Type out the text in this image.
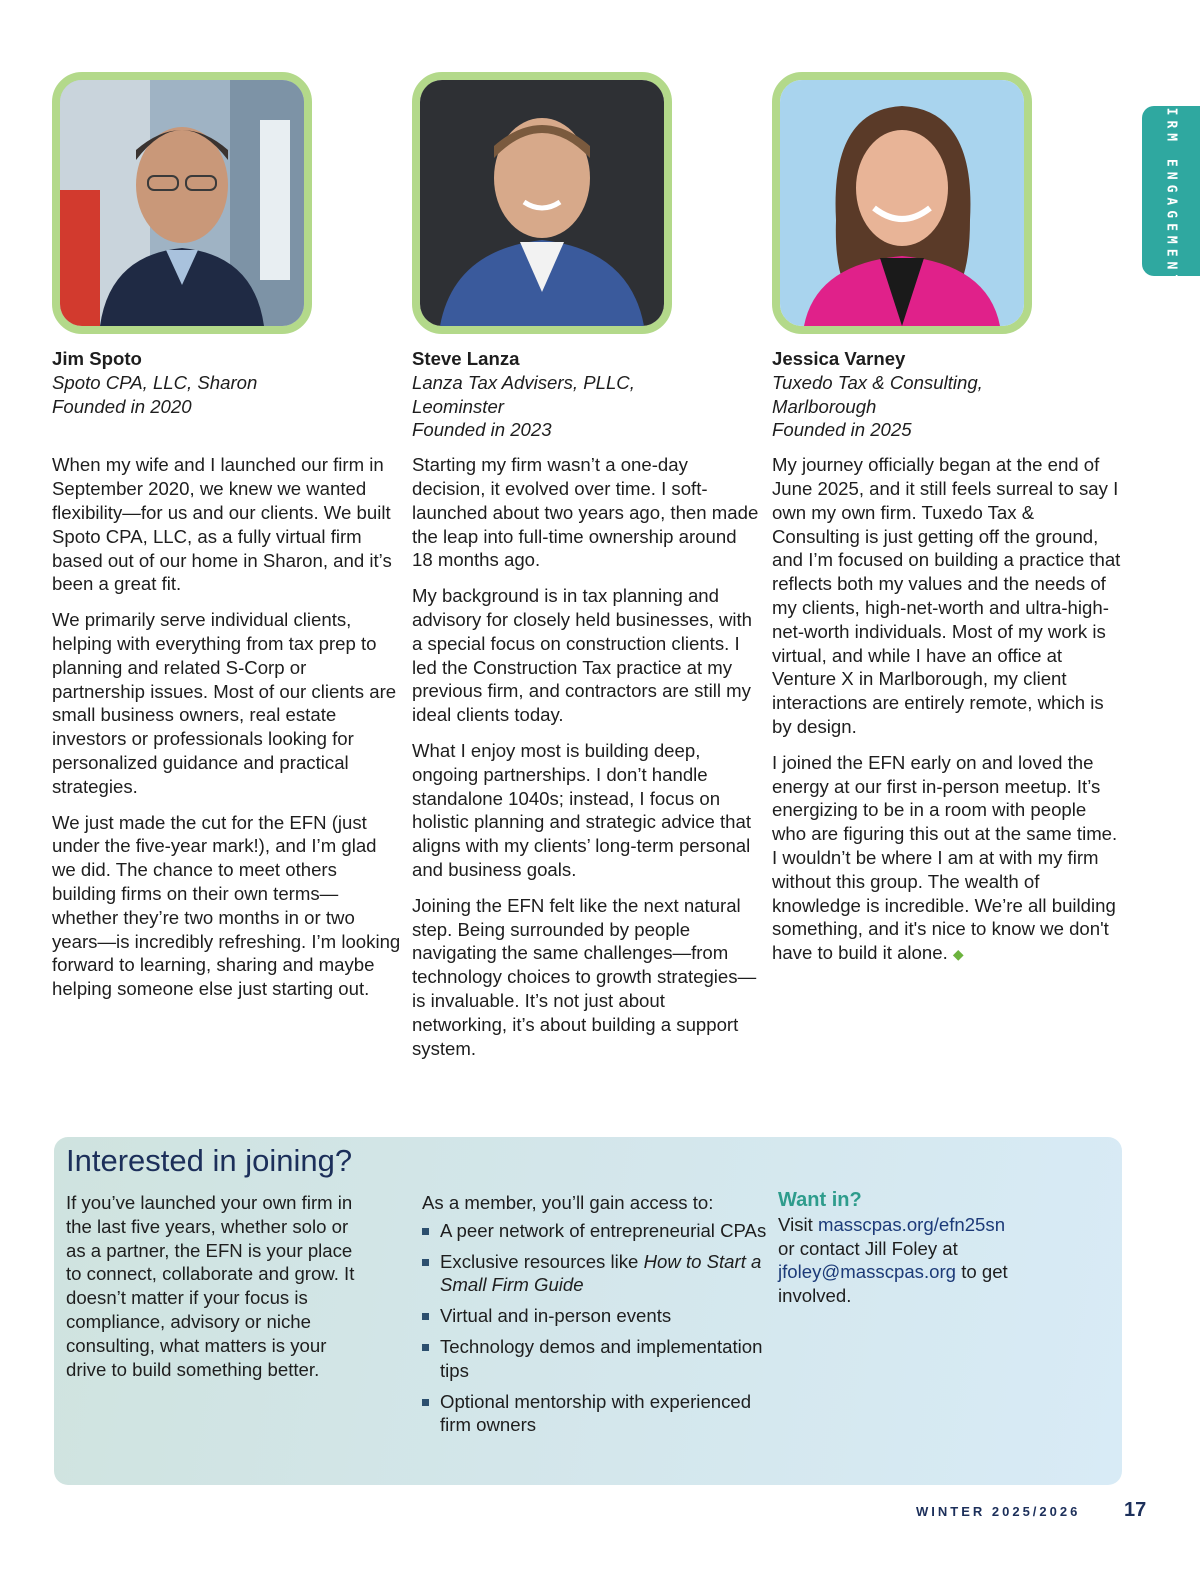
FIRM ENGAGEMENT

Jim Spoto

Spoto CPA, LLC, Sharon

Founded in 2020

When my wife and I launched our firm in September 2020, we knew we wanted flexibility—for us and our clients. We built Spoto CPA, LLC, as a fully virtual firm based out of our home in Sharon, and it’s been a great fit.

We primarily serve individual clients, helping with everything from tax prep to planning and related S-Corp or partnership issues. Most of our clients are small business owners, real estate investors or professionals looking for personalized guidance and practical strategies.

We just made the cut for the EFN (just under the five-year mark!), and I’m glad we did. The chance to meet others building firms on their own terms—whether they’re two months in or two years—is incredibly refreshing. I’m looking forward to learning, sharing and maybe helping someone else just starting out.

Steve Lanza

Lanza Tax Advisers, PLLC,

Leominster

Founded in 2023

Starting my firm wasn’t a one-day decision, it evolved over time. I soft-launched about two years ago, then made the leap into full-time ownership around 18 months ago.

My background is in tax planning and advisory for closely held businesses, with a special focus on construction clients. I led the Construction Tax practice at my previous firm, and contractors are still my ideal clients today.

What I enjoy most is building deep, ongoing partnerships. I don’t handle standalone 1040s; instead, I focus on holistic planning and strategic advice that aligns with my clients’ long-term personal and business goals.

Joining the EFN felt like the next natural step. Being surrounded by people navigating the same challenges—from technology choices to growth strategies—is invaluable. It’s not just about networking, it’s about building a support system.

Jessica Varney

Tuxedo Tax & Consulting,

Marlborough

Founded in 2025

My journey officially began at the end of June 2025, and it still feels surreal to say I own my own firm. Tuxedo Tax & Consulting is just getting off the ground, and I’m focused on building a practice that reflects both my values and the needs of my clients, high-net-worth and ultra-high-net-worth individuals. Most of my work is virtual, and while I have an office at Venture X in Marlborough, my client interactions are entirely remote, which is by design.

I joined the EFN early on and loved the energy at our first in-person meetup. It’s energizing to be in a room with people who are figuring this out at the same time. I wouldn’t be where I am at with my firm without this group. The wealth of knowledge is incredible. We’re all building something, and it's nice to know we don't have to build it alone. ◆

Interested in joining?

If you’ve launched your own firm in the last five years, whether solo or as a partner, the EFN is your place to connect, collaborate and grow. It doesn’t matter if your focus is compliance, advisory or niche consulting, what matters is your drive to build something better.

As a member, you’ll gain access to:

A peer network of entrepreneurial CPAs
Exclusive resources like How to Start a Small Firm Guide
Virtual and in-person events
Technology demos and implementation tips
Optional mentorship with experienced firm owners

Want in?

Visit masscpas.org/efn25sn

or contact Jill Foley at

jfoley@masscpas.org to get involved.

WINTER 2025/2026 17
